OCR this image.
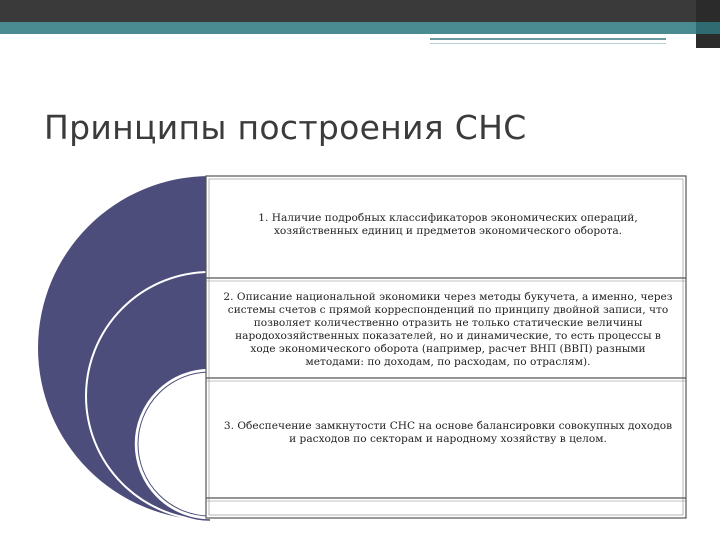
Принципы построения СНС
1. Наличие подробных классификаторов экономических операций, хозяйственных единиц и предметов экономического оборота.
2. Описание национальной экономики через методы букучета, а именно, через системы счетов с прямой корреспонденций по принципу двойной записи, что позволяет количественно отразить не только статические величины народохозяйственных показателей, но и динамические, то есть процессы в ходе экономического оборота (например, расчет ВНП (ВВП) разными методами: по доходам, по расходам, по отраслям).
3. Обеспечение замкнутости СНС на основе балансировки совокупных доходов и расходов по секторам и народному хозяйству в целом.
